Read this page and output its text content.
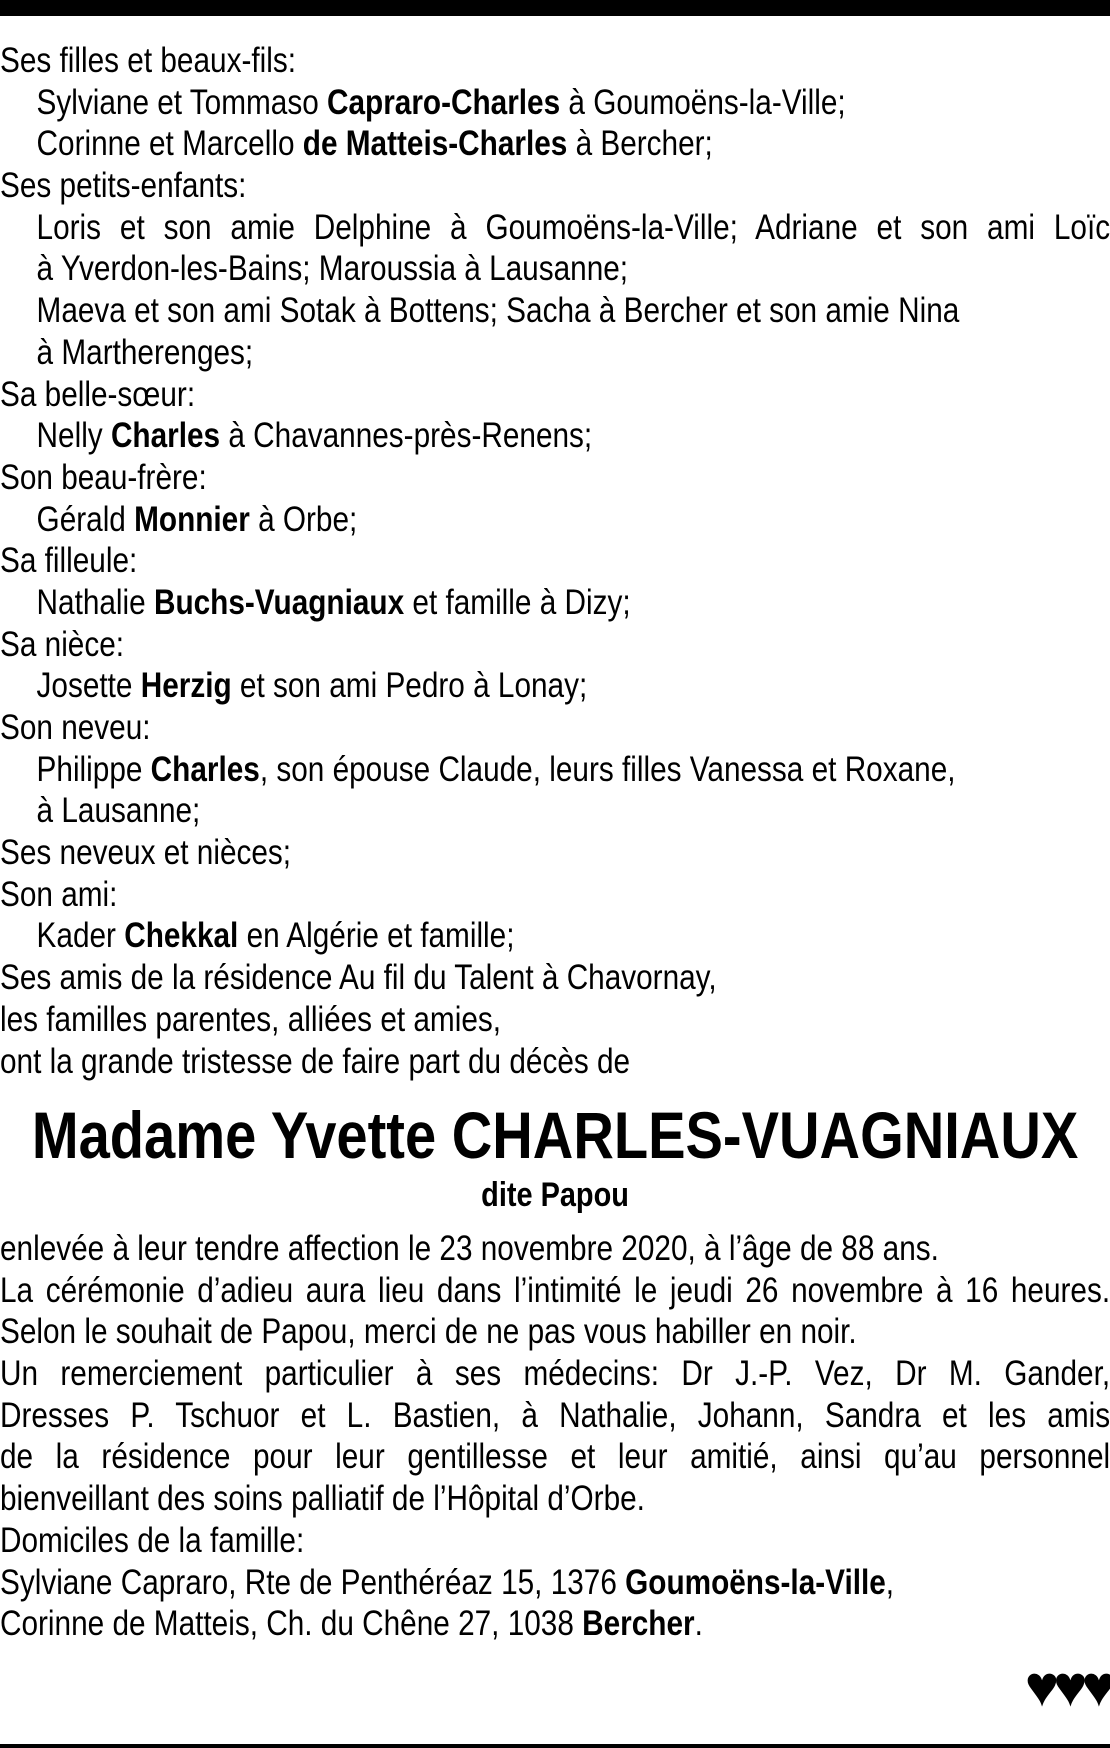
Ses filles et beaux-fils:
Sylviane et Tommaso Capraro-Charles à Goumoëns-la-Ville;
Corinne et Marcello de Matteis-Charles à Bercher;
Ses petits-enfants:
Loris et son amie Delphine à Goumoëns-la-Ville; Adriane et son ami Loïc
à Yverdon-les-Bains; Maroussia à Lausanne;
Maeva et son ami Sotak à Bottens; Sacha à Bercher et son amie Nina
à Martherenges;
Sa belle-sœur:
Nelly Charles à Chavannes-près-Renens;
Son beau-frère:
Gérald Monnier à Orbe;
Sa filleule:
Nathalie Buchs-Vuagniaux et famille à Dizy;
Sa nièce:
Josette Herzig et son ami Pedro à Lonay;
Son neveu:
Philippe Charles, son épouse Claude, leurs filles Vanessa et Roxane,
à Lausanne;
Ses neveux et nièces;
Son ami:
Kader Chekkal en Algérie et famille;
Ses amis de la résidence Au fil du Talent à Chavornay,
les familles parentes, alliées et amies,
ont la grande tristesse de faire part du décès de
Madame Yvette CHARLES-VUAGNIAUX
dite Papou
enlevée à leur tendre affection le 23 novembre 2020, à l’âge de 88 ans.
La cérémonie d’adieu aura lieu dans l’intimité le jeudi 26 novembre à 16 heures.
Selon le souhait de Papou, merci de ne pas vous habiller en noir.
Un remerciement particulier à ses médecins: Dr J.-P. Vez, Dr M. Gander,
Dresses P. Tschuor et L. Bastien, à Nathalie, Johann, Sandra et les amis
de la résidence pour leur gentillesse et leur amitié, ainsi qu’au personnel
bienveillant des soins palliatif de l’Hôpital d’Orbe.
Domiciles de la famille:
Sylviane Capraro, Rte de Penthéréaz 15, 1376 Goumoëns-la-Ville,
Corinne de Matteis, Ch. du Chêne 27, 1038 Bercher.
♥♥♥
